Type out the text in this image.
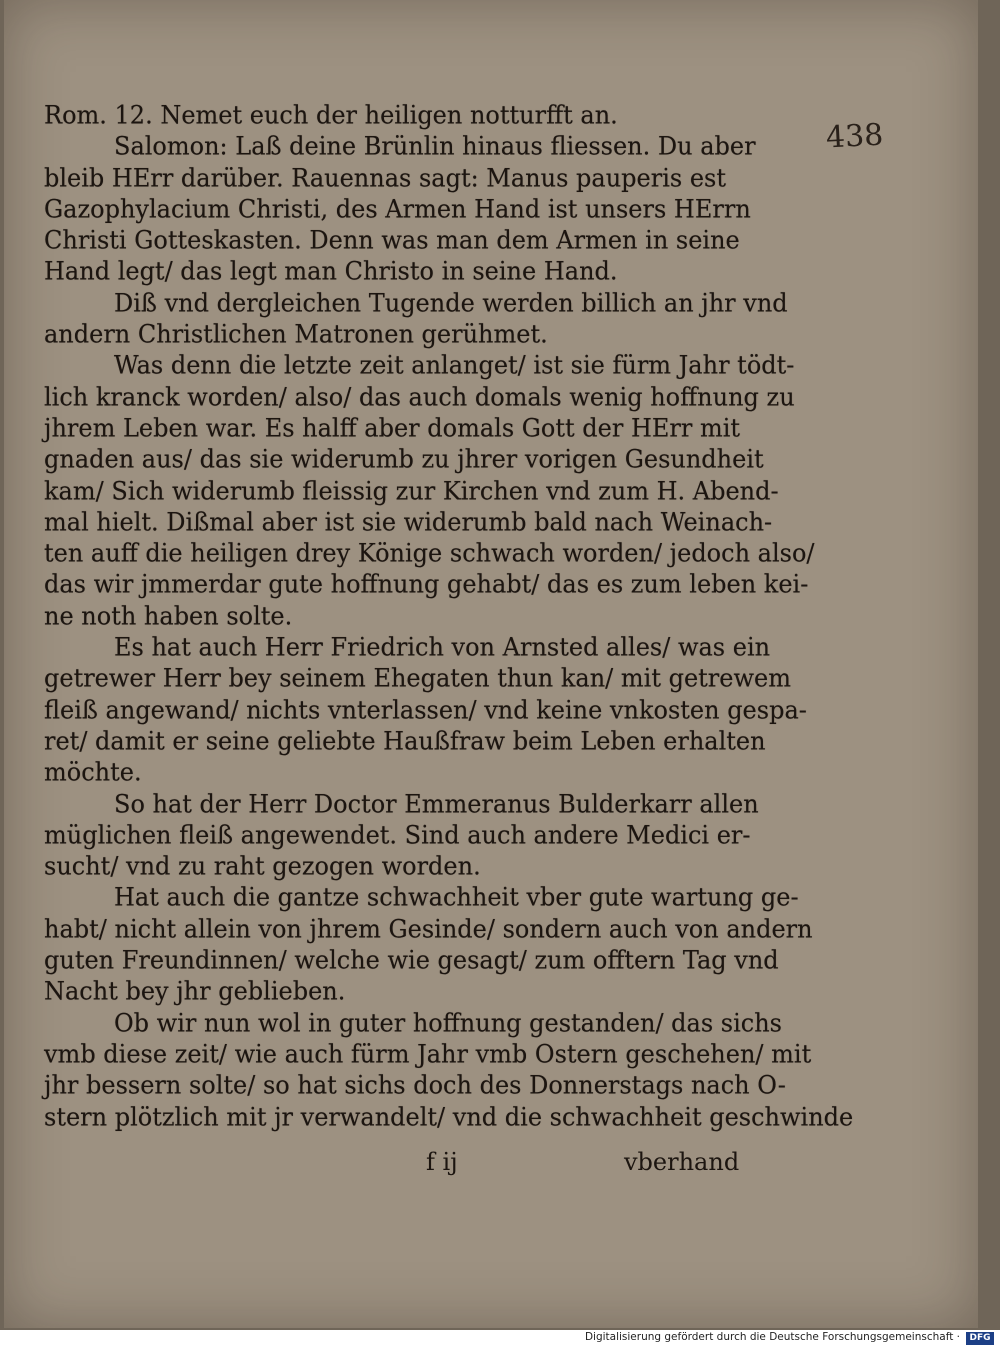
438

Rom. 12. Nemet euch der heiligen notturfft an.

Salomon: Laß deine Brünlin hinaus fliessen. Du aber

bleib HErr darüber. Rauennas sagt: Manus pauperis est

Gazophylacium Christi, des Armen Hand ist unsers HErrn

Christi Gotteskasten. Denn was man dem Armen in seine

Hand legt/ das legt man Christo in seine Hand.

Diß vnd dergleichen Tugende werden billich an jhr vnd

andern Christlichen Matronen gerühmet.

Was denn die letzte zeit anlanget/ ist sie fürm Jahr tödt-

lich kranck worden/ also/ das auch domals wenig hoffnung zu

jhrem Leben war. Es halff aber domals Gott der HErr mit

gnaden aus/ das sie widerumb zu jhrer vorigen Gesundheit

kam/ Sich widerumb fleissig zur Kirchen vnd zum H. Abend-

mal hielt. Dißmal aber ist sie widerumb bald nach Weinach-

ten auff die heiligen drey Könige schwach worden/ jedoch also/

das wir jmmerdar gute hoffnung gehabt/ das es zum leben kei-

ne noth haben solte.

Es hat auch Herr Friedrich von Arnsted alles/ was ein

getrewer Herr bey seinem Ehegaten thun kan/ mit getrewem

fleiß angewand/ nichts vnterlassen/ vnd keine vnkosten gespa-

ret/ damit er seine geliebte Haußfraw beim Leben erhalten

möchte.

So hat der Herr Doctor Emmeranus Bulderkarr allen

müglichen fleiß angewendet. Sind auch andere Medici er-

sucht/ vnd zu raht gezogen worden.

Hat auch die gantze schwachheit vber gute wartung ge-

habt/ nicht allein von jhrem Gesinde/ sondern auch von andern

guten Freundinnen/ welche wie gesagt/ zum offtern Tag vnd

Nacht bey jhr geblieben.

Ob wir nun wol in guter hoffnung gestanden/ das sichs

vmb diese zeit/ wie auch fürm Jahr vmb Ostern geschehen/ mit

jhr bessern solte/ so hat sichs doch des Donnerstags nach O-

stern plötzlich mit jr verwandelt/ vnd die schwachheit geschwinde

f ij	vberhand

Digitalisierung gefördert durch die Deutsche Forschungsgemeinschaft ·	DFG
